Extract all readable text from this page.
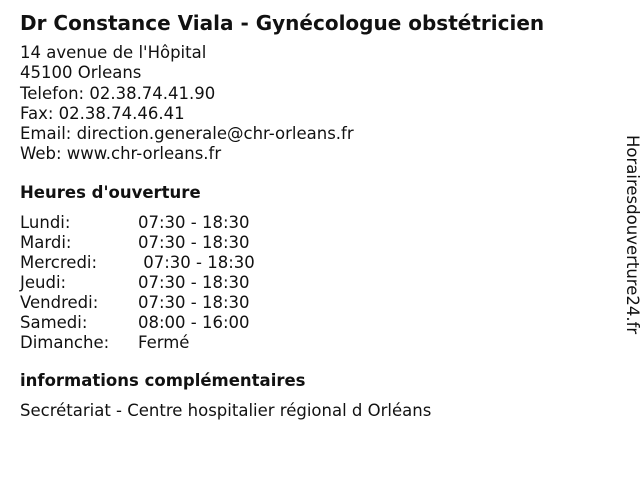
Dr Constance Viala - Gynécologue obstétricien
14 avenue de l'Hôpital
45100 Orleans
Telefon: 02.38.74.41.90
Fax: 02.38.74.46.41
Email: direction.generale@chr-orleans.fr
Web: www.chr-orleans.fr
Heures d'ouverture
Lundi:	07:30 - 18:30
Mardi:	07:30 - 18:30
Mercredi:	07:30 - 18:30
Jeudi:	07:30 - 18:30
Vendredi:	07:30 - 18:30
Samedi:	08:00 - 16:00
Dimanche:	Fermé
informations complémentaires
Secrétariat - Centre hospitalier régional d Orléans
Horairesdouverture24.fr
